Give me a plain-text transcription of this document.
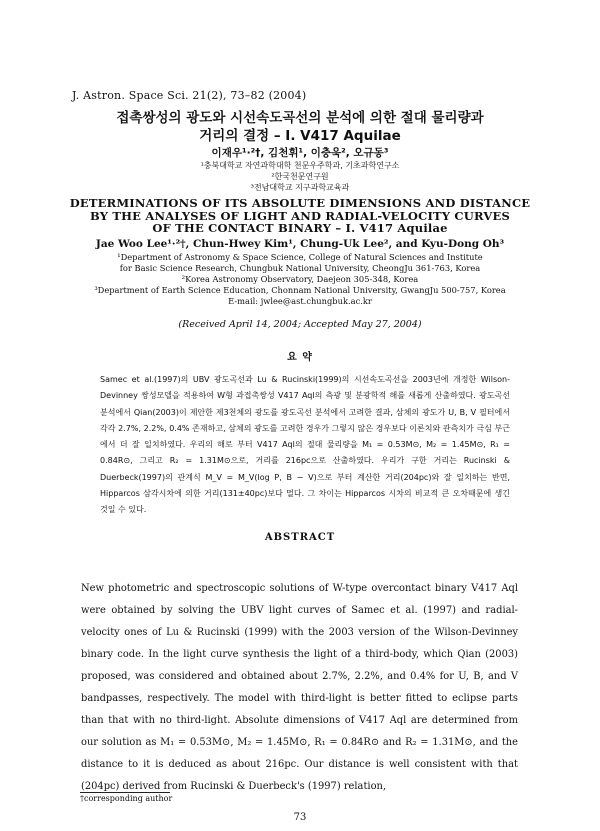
J. Astron. Space Sci. 21(2), 73–82 (2004)
접촉쌍성의 광도와 시선속도곡선의 분석에 의한 절대 물리량과
거리의 결정 – I. V417 Aquilae
이재우¹·²†, 김천휘¹, 이충욱², 오규동³
¹충북대학교 자연과학대학 천문우주학과, 기초과학연구소
²한국천문연구원
³전남대학교 지구과학교육과
DETERMINATIONS OF ITS ABSOLUTE DIMENSIONS AND DISTANCE
BY THE ANALYSES OF LIGHT AND RADIAL-VELOCITY CURVES
OF THE CONTACT BINARY – I. V417 Aquilae
Jae Woo Lee¹·²†, Chun-Hwey Kim¹, Chung-Uk Lee², and Kyu-Dong Oh³
¹Department of Astronomy & Space Science, College of Natural Sciences and Institute
for Basic Science Research, Chungbuk National University, CheongJu 361-763, Korea
²Korea Astronomy Observatory, Daejeon 305-348, Korea
³Department of Earth Science Education, Chonnam National University, GwangJu 500-757, Korea
E-mail: jwlee@ast.chungbuk.ac.kr
(Received April 14, 2004; Accepted May 27, 2004)
요 약

Samec et al.(1997)의 UBV 광도곡선과 Lu & Rucinski(1999)의 시선속도곡선을 2003년에 개정한 Wilson-Devinney 쌍성모델을 적용하여 W형 과접촉쌍성 V417 Aql의 측광 및 분광학적 해를 새롭게 산출하였다. 광도곡선 분석에서 Qian(2003)이 제안한 제3천체의 광도를 광도곡선 분석에서 고려한 결과, 삼체의 광도가 U, B, V 필터에서 각각 2.7%, 2.2%, 0.4% 존재하고, 삼체의 광도를 고려한 경우가 그렇지 않은 경우보다 이론치와 관측치가 극심 부근에서 더 잘 일치하였다. 우리의 해로 부터 V417 Aql의 절대 물리량을 M₁ = 0.53M⊙, M₂ = 1.45M⊙, R₁ = 0.84R⊙, 그리고 R₂ = 1.31M⊙으로, 거리를 216pc으로 산출하였다. 우리가 구한 거리는 Rucinski & Duerbeck(1997)의 관계식 M_V = M_V(log P, B − V)으로 부터 계산한 거리(204pc)와 잘 일치하는 반면, Hipparcos 삼각시차에 의한 거리(131±40pc)보다 멀다. 그 차이는 Hipparcos 시차의 비교적 큰 오차때문에 생긴 것일 수 있다.

ABSTRACT

New photometric and spectroscopic solutions of W-type overcontact binary V417 Aql were obtained by solving the UBV light curves of Samec et al. (1997) and radial-velocity ones of Lu & Rucinski (1999) with the 2003 version of the Wilson-Devinney binary code. In the light curve synthesis the light of a third-body, which Qian (2003) proposed, was considered and obtained about 2.7%, 2.2%, and 0.4% for U, B, and V bandpasses, respectively. The model with third-light is better fitted to eclipse parts than that with no third-light. Absolute dimensions of V417 Aql are determined from our solution as M₁ = 0.53M⊙, M₂ = 1.45M⊙, R₁ = 0.84R⊙ and R₂ = 1.31M⊙, and the distance to it is deduced as about 216pc. Our distance is well consistent with that (204pc) derived from Rucinski & Duerbeck's (1997) relation,

†corresponding author
73
